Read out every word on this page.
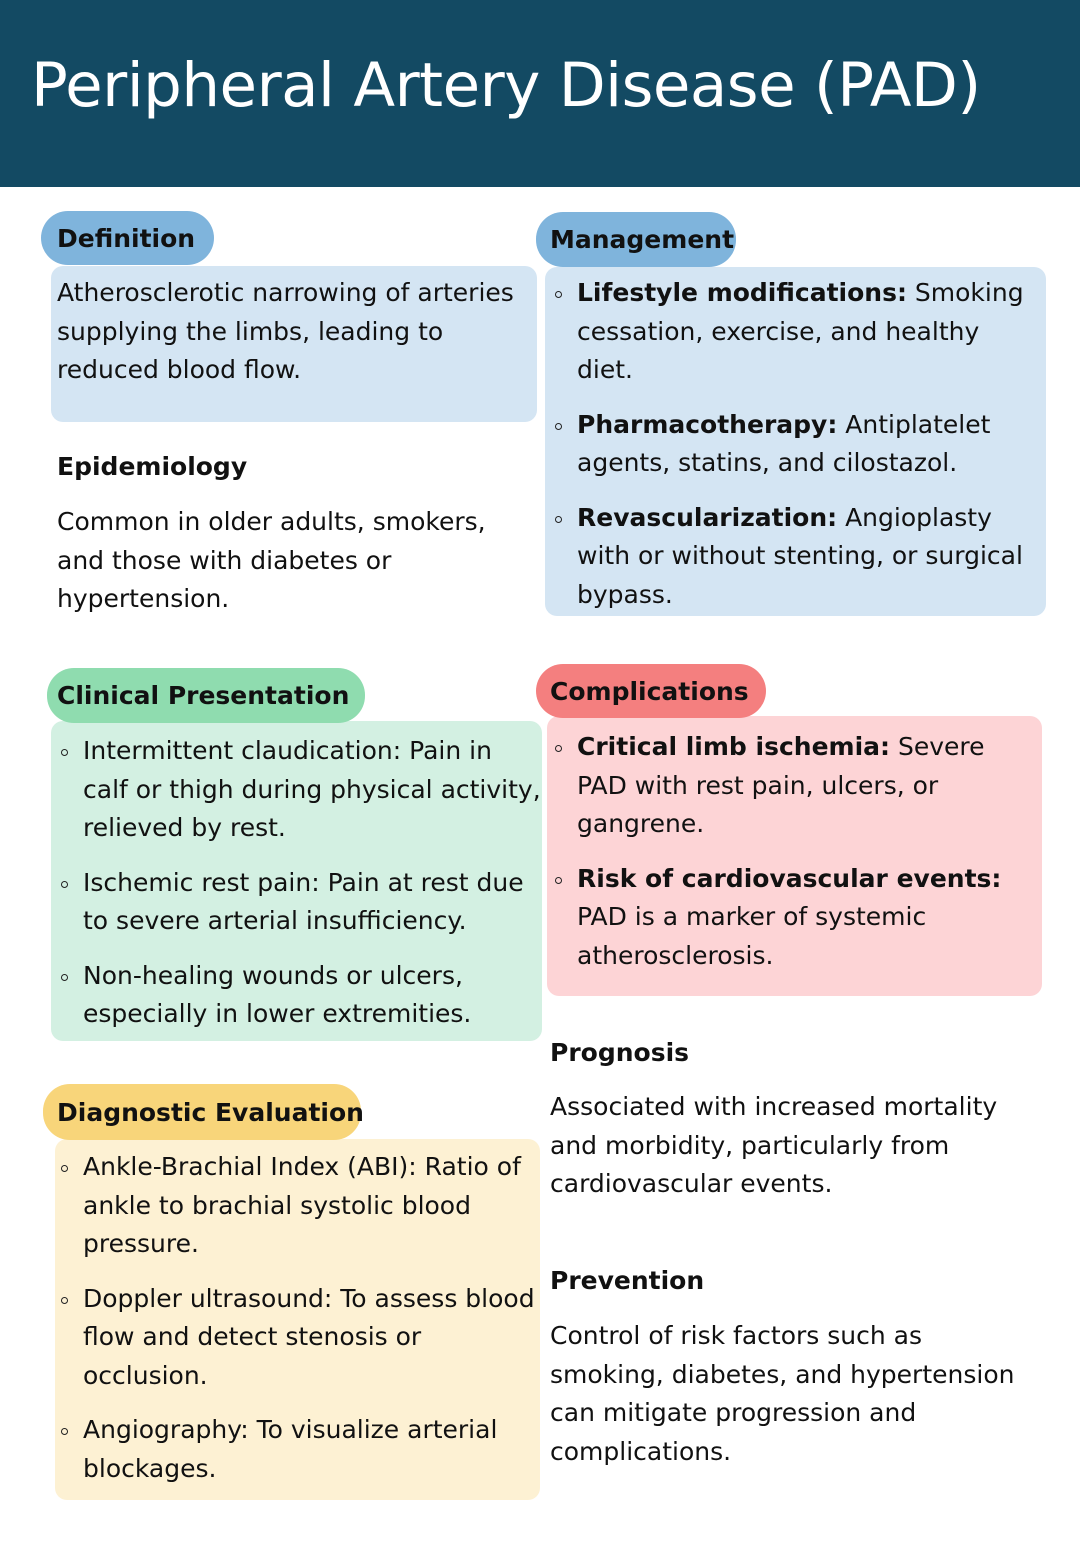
Peripheral Artery Disease (PAD)
Definition
Atherosclerotic narrowing of arteries supplying the limbs, leading to reduced blood flow.
Epidemiology
Common in older adults, smokers, and those with diabetes or hypertension.
Clinical Presentation
Intermittent claudication: Pain in calf or thigh during physical activity, relieved by rest.
Ischemic rest pain: Pain at rest due to severe arterial insufficiency.
Non-healing wounds or ulcers, especially in lower extremities.
Diagnostic Evaluation
Ankle-Brachial Index (ABI): Ratio of ankle to brachial systolic blood pressure.
Doppler ultrasound: To assess blood flow and detect stenosis or occlusion.
Angiography: To visualize arterial blockages.
Management
Lifestyle modifications: Smoking cessation, exercise, and healthy diet.
Pharmacotherapy: Antiplatelet agents, statins, and cilostazol.
Revascularization: Angioplasty with or without stenting, or surgical bypass.
Complications
Critical limb ischemia: Severe PAD with rest pain, ulcers, or gangrene.
Risk of cardiovascular events: PAD is a marker of systemic atherosclerosis.
Prognosis
Associated with increased mortality and morbidity, particularly from cardiovascular events.
Prevention
Control of risk factors such as smoking, diabetes, and hypertension can mitigate progression and complications.
